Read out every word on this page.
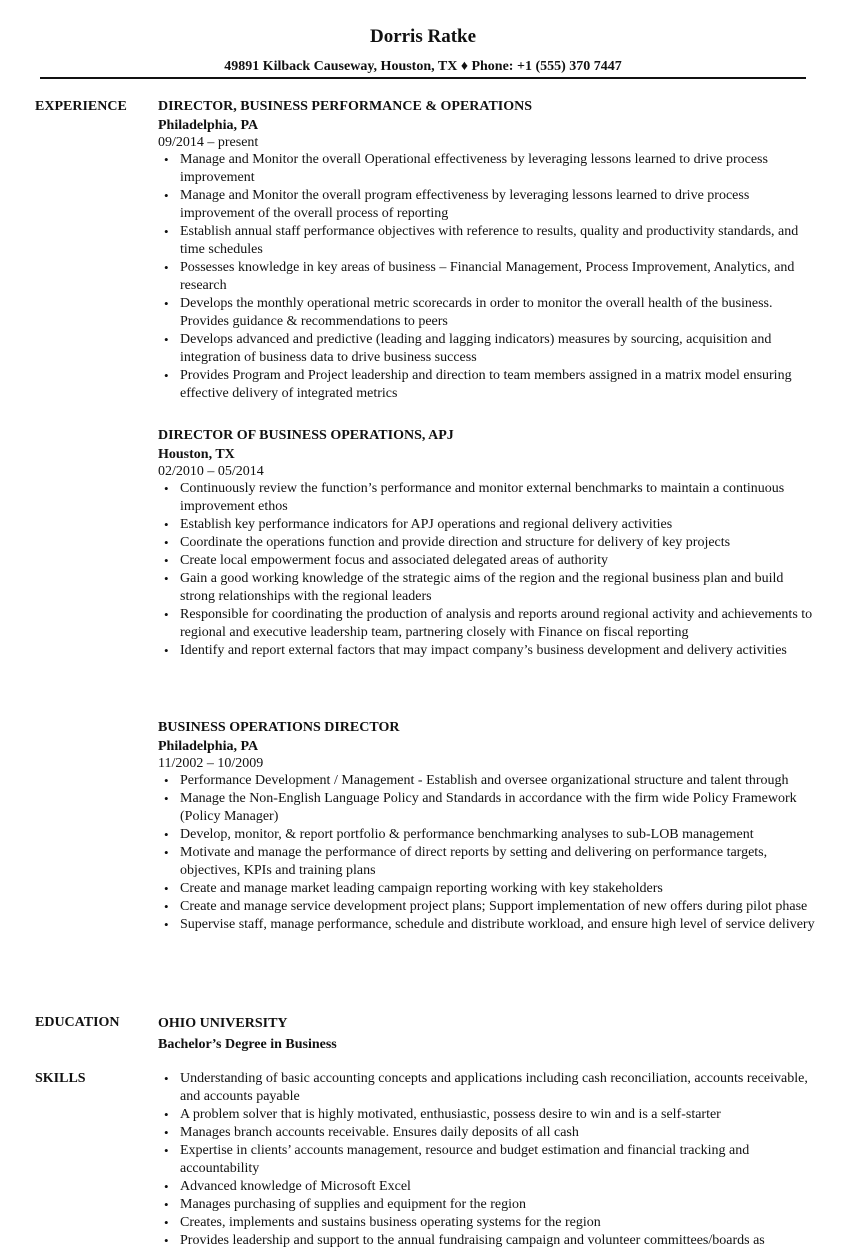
Dorris Ratke
49891 Kilback Causeway, Houston, TX ♦ Phone: +1 (555) 370 7447
EXPERIENCE DIRECTOR, BUSINESS PERFORMANCE & OPERATIONS
Philadelphia, PA
09/2014 – present
• Manage and Monitor the overall Operational effectiveness by leveraging lessons learned to drive process improvement
• Manage and Monitor the overall program effectiveness by leveraging lessons learned to drive process improvement of the overall process of reporting
• Establish annual staff performance objectives with reference to results, quality and productivity standards, and time schedules
• Possesses knowledge in key areas of business – Financial Management, Process Improvement, Analytics, and research
• Develops the monthly operational metric scorecards in order to monitor the overall health of the business. Provides guidance & recommendations to peers
• Develops advanced and predictive (leading and lagging indicators) measures by sourcing, acquisition and integration of business data to drive business success
• Provides Program and Project leadership and direction to team members assigned in a matrix model ensuring effective delivery of integrated metrics
DIRECTOR OF BUSINESS OPERATIONS, APJ
Houston, TX
02/2010 – 05/2014
• Continuously review the function’s performance and monitor external benchmarks to maintain a continuous improvement ethos
• Establish key performance indicators for APJ operations and regional delivery activities
• Coordinate the operations function and provide direction and structure for delivery of key projects
• Create local empowerment focus and associated delegated areas of authority
• Gain a good working knowledge of the strategic aims of the region and the regional business plan and build strong relationships with the regional leaders
• Responsible for coordinating the production of analysis and reports around regional activity and achievements to regional and executive leadership team, partnering closely with Finance on fiscal reporting
• Identify and report external factors that may impact company’s business development and delivery activities
BUSINESS OPERATIONS DIRECTOR
Philadelphia, PA
11/2002 – 10/2009
• Performance Development / Management - Establish and oversee organizational structure and talent through
• Manage the Non-English Language Policy and Standards in accordance with the firm wide Policy Framework (Policy Manager)
• Develop, monitor, & report portfolio & performance benchmarking analyses to sub-LOB management
• Motivate and manage the performance of direct reports by setting and delivering on performance targets, objectives, KPIs and training plans
• Create and manage market leading campaign reporting working with key stakeholders
• Create and manage service development project plans; Support implementation of new offers during pilot phase
• Supervise staff, manage performance, schedule and distribute workload, and ensure high level of service delivery
EDUCATION	OHIO UNIVERSITY
Bachelor’s Degree in Business
SKILLS	• Understanding of basic accounting concepts and applications including cash reconciliation, accounts receivable, and accounts payable
• A problem solver that is highly motivated, enthusiastic, possess desire to win and is a self-starter
• Manages branch accounts receivable. Ensures daily deposits of all cash
• Expertise in clients’ accounts management, resource and budget estimation and financial tracking and accountability
• Advanced knowledge of Microsoft Excel
• Manages purchasing of supplies and equipment for the region
• Creates, implements and sustains business operating systems for the region
• Provides leadership and support to the annual fundraising campaign and volunteer committees/boards as
